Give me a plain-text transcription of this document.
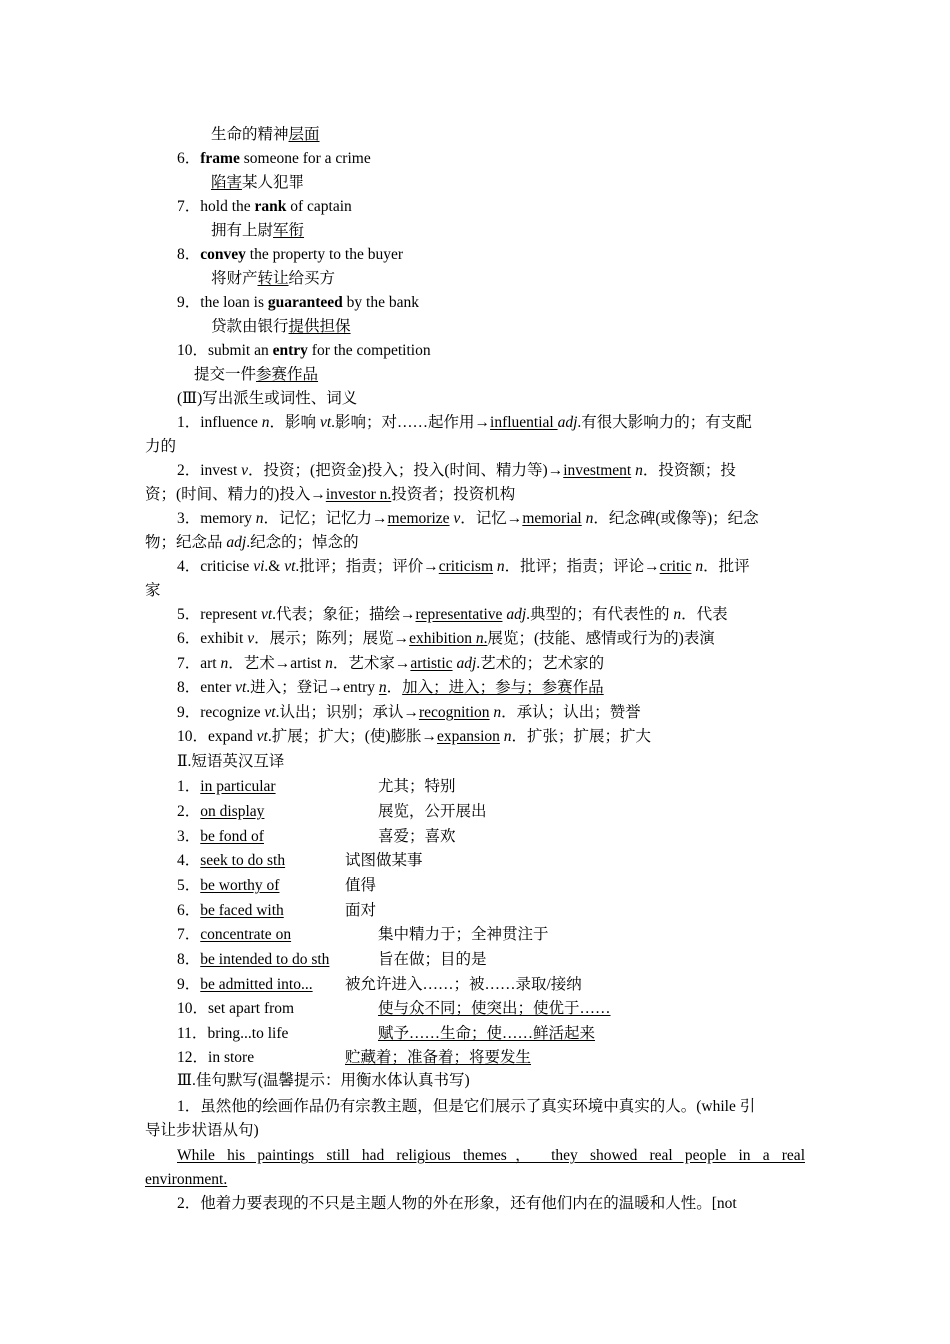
生命的精神层面
6．frame someone for a crime
陷害某人犯罪
7．hold the rank of captain
拥有上尉军衔
8．convey the property to the buyer
将财产转让给买方
9．the loan is guaranteed by the bank
贷款由银行提供担保
10．submit an entry for the competition
提交一件参赛作品
(Ⅲ)写出派生或词性、词义
1．influence n．影响 vt.影响；对……起作用→influential adj.有很大影响力的；有支配
力的
2．invest v．投资；(把资金)投入；投入(时间、精力等)→investment n．投资额；投
资；(时间、精力的)投入→investor n.投资者；投资机构
3．memory n．记忆；记忆力→memorize v．记忆→memorial n．纪念碑(或像等)；纪念
物；纪念品 adj.纪念的；悼念的
4．criticise vi.& vt.批评；指责；评价→criticism n．批评；指责；评论→critic n．批评
家
5．represent vt.代表；象征；描绘→representative adj.典型的；有代表性的 n．代表
6．exhibit v．展示；陈列；展览→exhibition n.展览；(技能、感情或行为的)表演
7．art n．艺术→artist n．艺术家→artistic adj.艺术的；艺术家的
8．enter vt.进入；登记→entry n．加入；进入；参与；参赛作品
9．recognize vt.认出；识别；承认→recognition n．承认；认出；赞誉
10．expand vt.扩展；扩大；(使)膨胀→expansion n．扩张；扩展；扩大
Ⅱ.短语英汉互译
1．in particular	尤其；特别
2．on display	展览，公开展出
3．be fond of	喜爱；喜欢
4．seek to do sth	试图做某事
5．be worthy of	值得
6．be faced with	面对
7．concentrate on	集中精力于；全神贯注于
8．be intended to do sth	旨在做；目的是
9．be admitted into... 被允许进入……；被……录取/接纳
10．set apart from	使与众不同；使突出；使优于……
11．bring...to life	赋予……生命；使……鲜活起来
12．in store	贮藏着；准备着；将要发生
Ⅲ.佳句默写(温馨提示：用衡水体认真书写)
1．虽然他的绘画作品仍有宗教主题，但是它们展示了真实环境中真实的人。(while 引
导让步状语从句)
While his paintings still had religious themes， they showed real people in a real
environment.
2．他着力要表现的不只是主题人物的外在形象，还有他们内在的温暖和人性。[not
